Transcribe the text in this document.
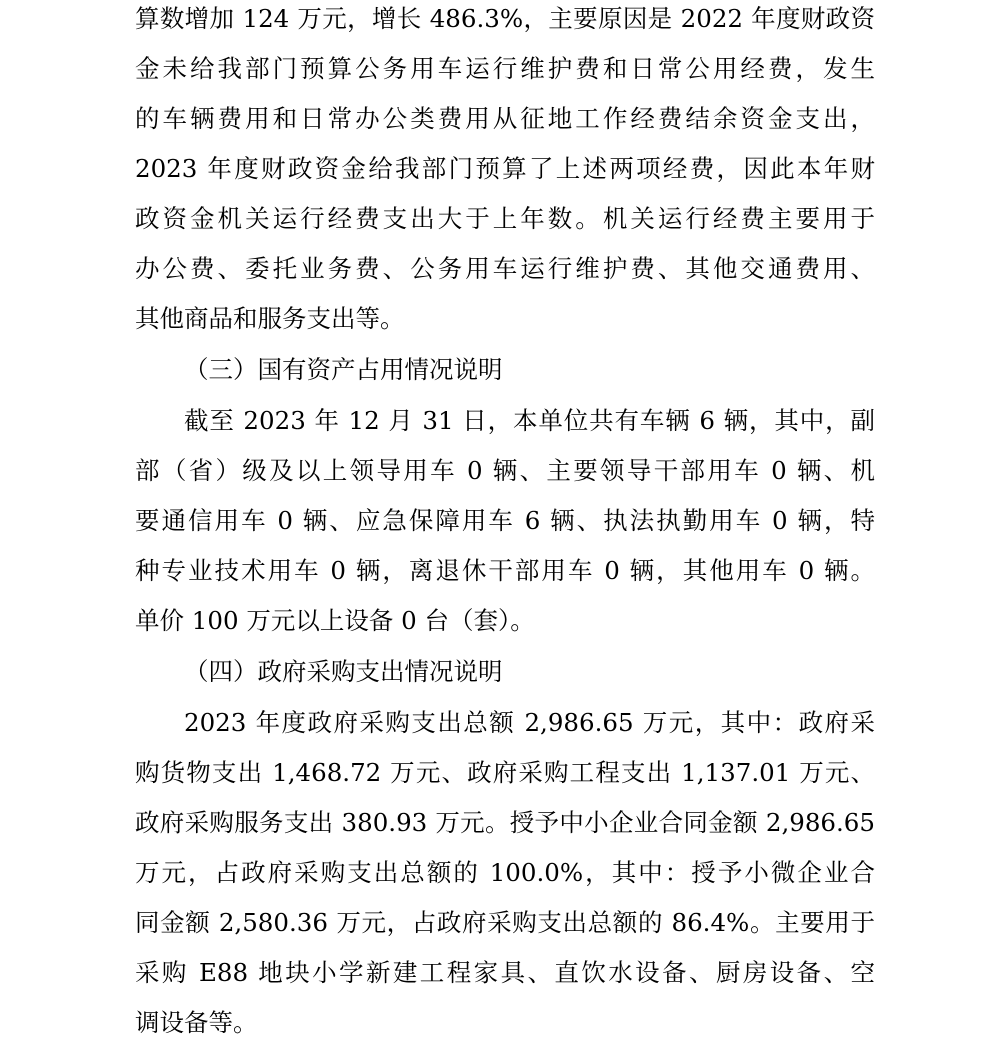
算数增加 124 万元，增长 486.3%，主要原因是 2022 年度财政资
金未给我部门预算公务用车运行维护费和日常公用经费，发生
的车辆费用和日常办公类费用从征地工作经费结余资金支出，
2023 年度财政资金给我部门预算了上述两项经费，因此本年财
政资金机关运行经费支出大于上年数。机关运行经费主要用于
办公费、委托业务费、公务用车运行维护费、其他交通费用、
其他商品和服务支出等。
（三）国有资产占用情况说明
截至 2023 年 12 月 31 日，本单位共有车辆 6 辆，其中，副
部（省）级及以上领导用车 0 辆、主要领导干部用车 0 辆、机
要通信用车 0 辆、应急保障用车 6 辆、执法执勤用车 0 辆，特
种专业技术用车 0 辆，离退休干部用车 0 辆，其他用车 0 辆。
单价 100 万元以上设备 0 台（套）。
（四）政府采购支出情况说明
2023 年度政府采购支出总额 2,986.65 万元，其中：政府采
购货物支出 1,468.72 万元、政府采购工程支出 1,137.01 万元、
政府采购服务支出 380.93 万元。授予中小企业合同金额 2,986.65
万元，占政府采购支出总额的 100.0%，其中：授予小微企业合
同金额 2,580.36 万元，占政府采购支出总额的 86.4%。主要用于
采购 E88 地块小学新建工程家具、直饮水设备、厨房设备、空
调设备等。
